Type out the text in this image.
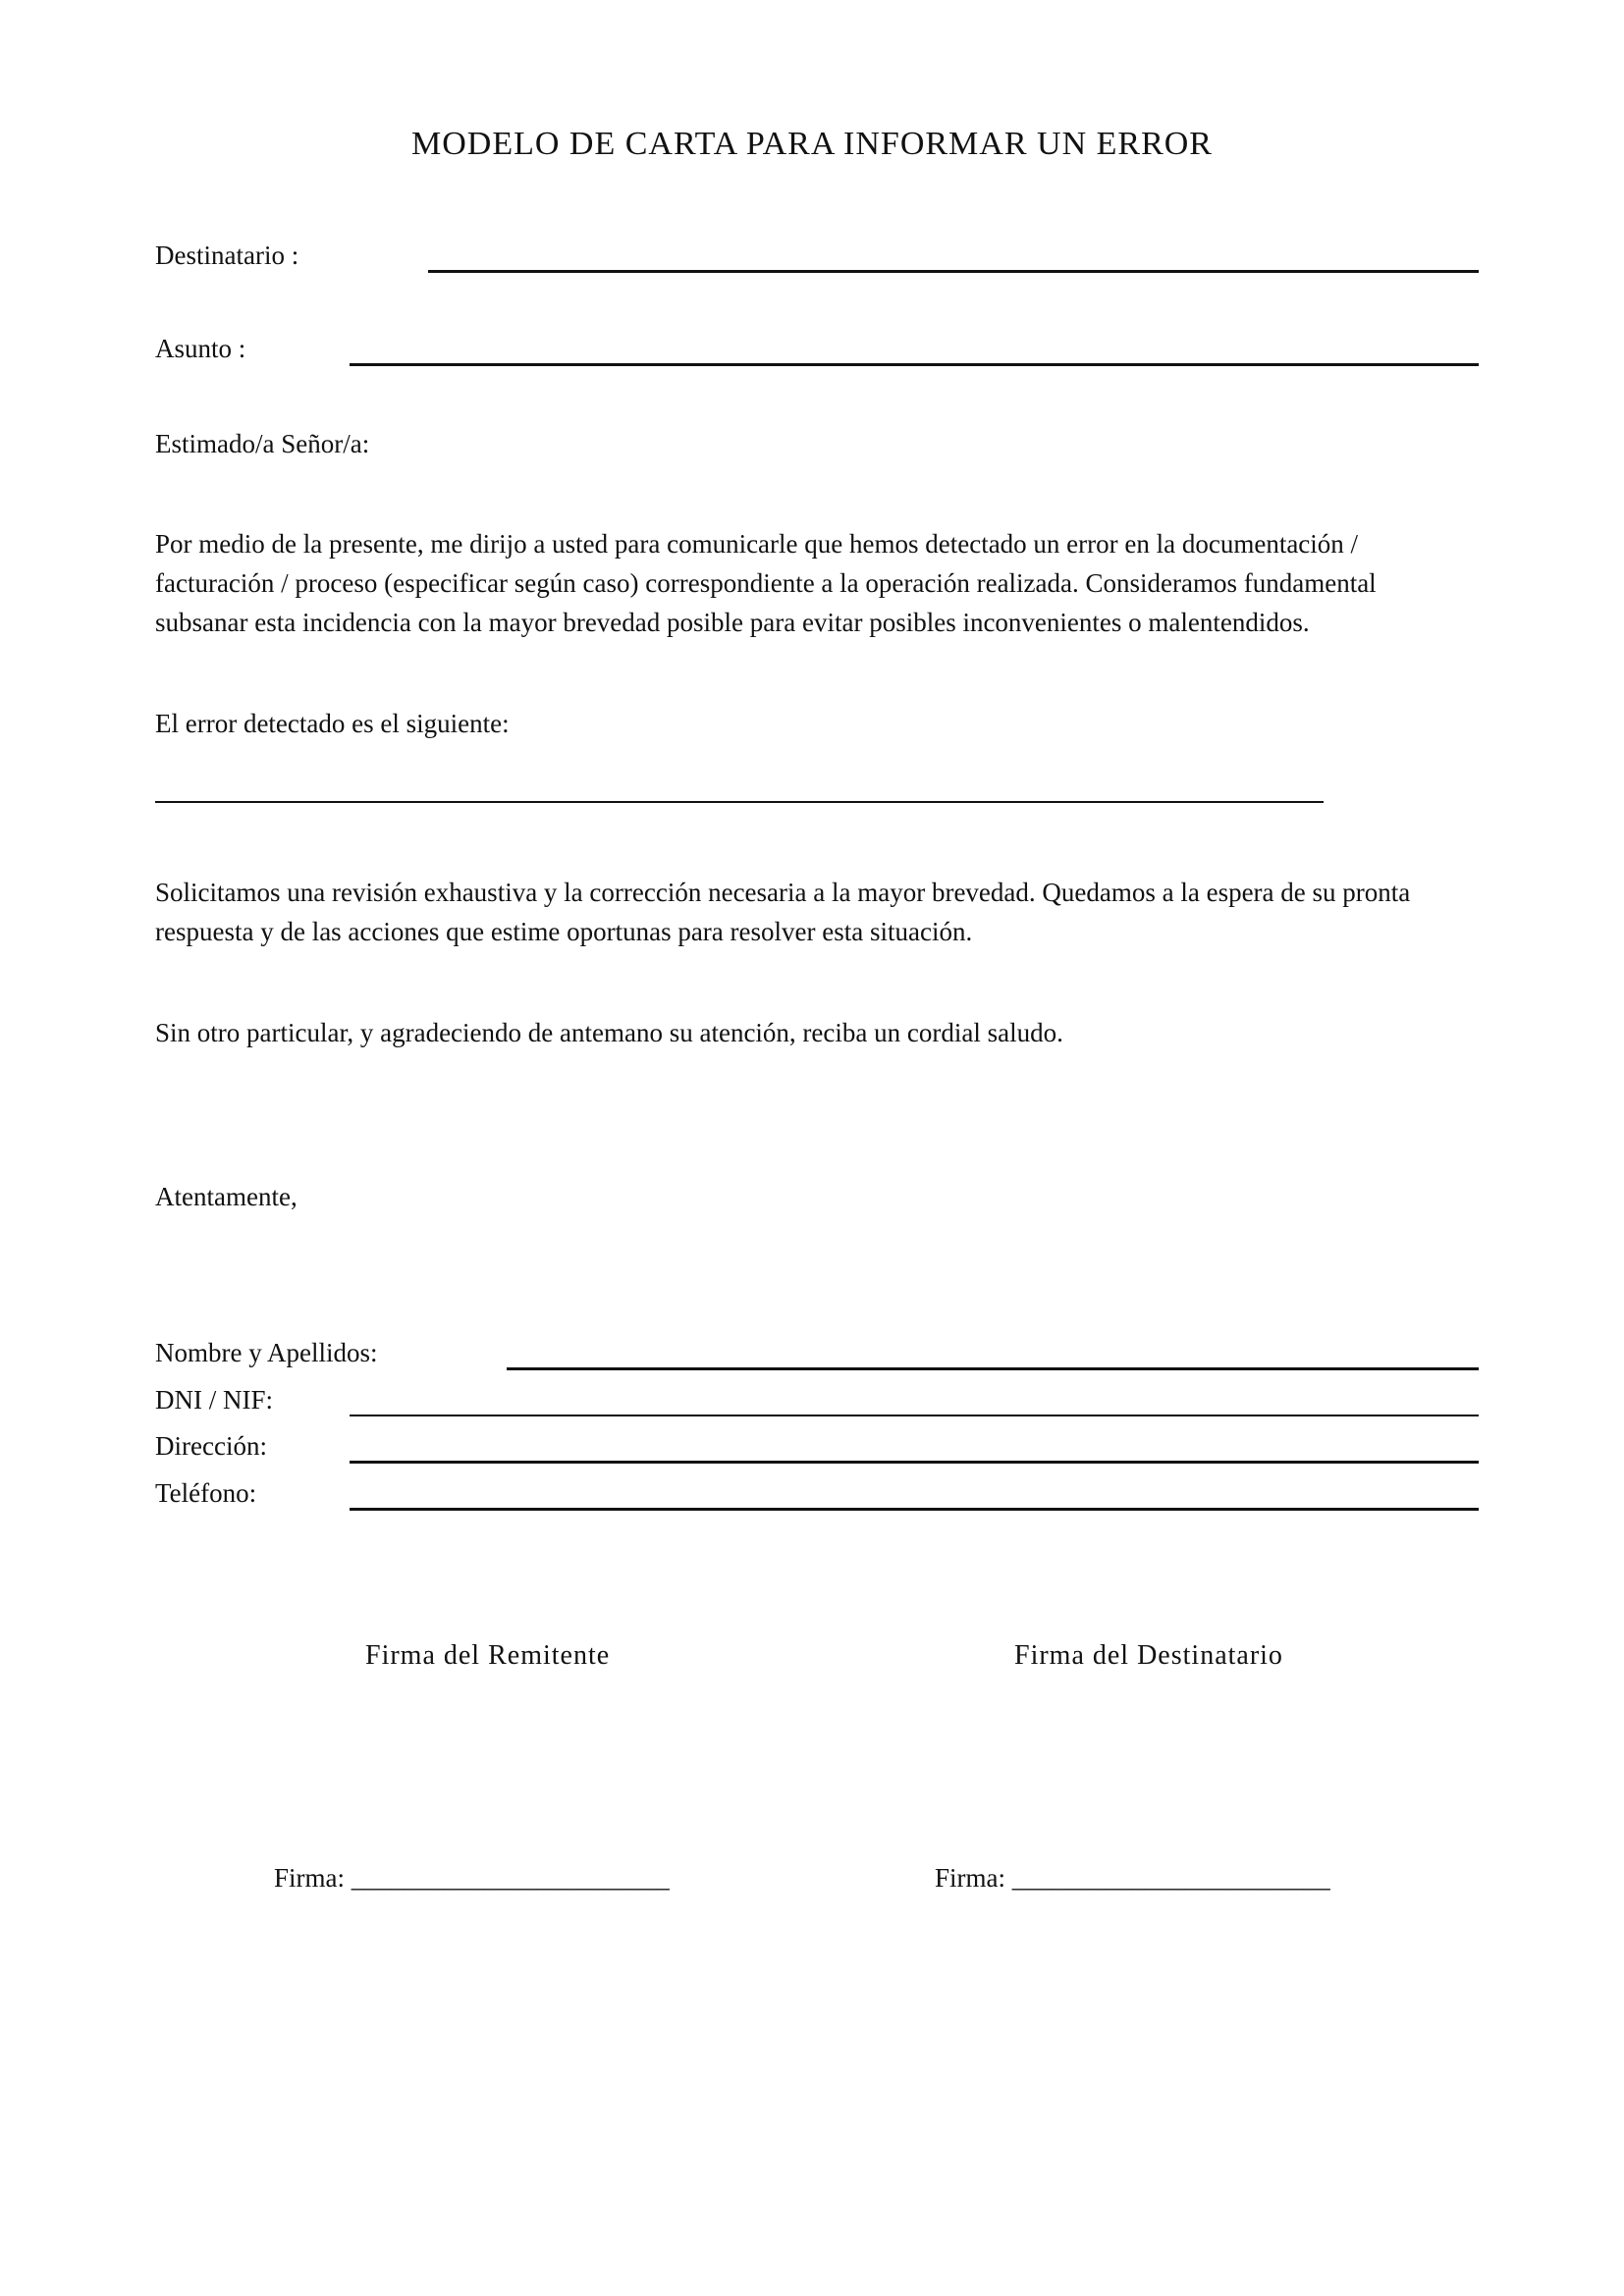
MODELO DE CARTA PARA INFORMAR UN ERROR
Destinatario :
Asunto :
Estimado/a Señor/a:
Por medio de la presente, me dirijo a usted para comunicarle que hemos detectado un error en la documentación / facturación / proceso (especificar según caso) correspondiente a la operación realizada. Consideramos fundamental subsanar esta incidencia con la mayor brevedad posible para evitar posibles inconvenientes o malentendidos.
El error detectado es el siguiente:
Solicitamos una revisión exhaustiva y la corrección necesaria a la mayor brevedad. Quedamos a la espera de su pronta respuesta y de las acciones que estime oportunas para resolver esta situación.
Sin otro particular, y agradeciendo de antemano su atención, reciba un cordial saludo.
Atentamente,
Nombre y Apellidos:
DNI / NIF:
Dirección:
Teléfono:
Firma del Remitente	Firma del Destinatario
Firma: ________________________	Firma: ________________________
